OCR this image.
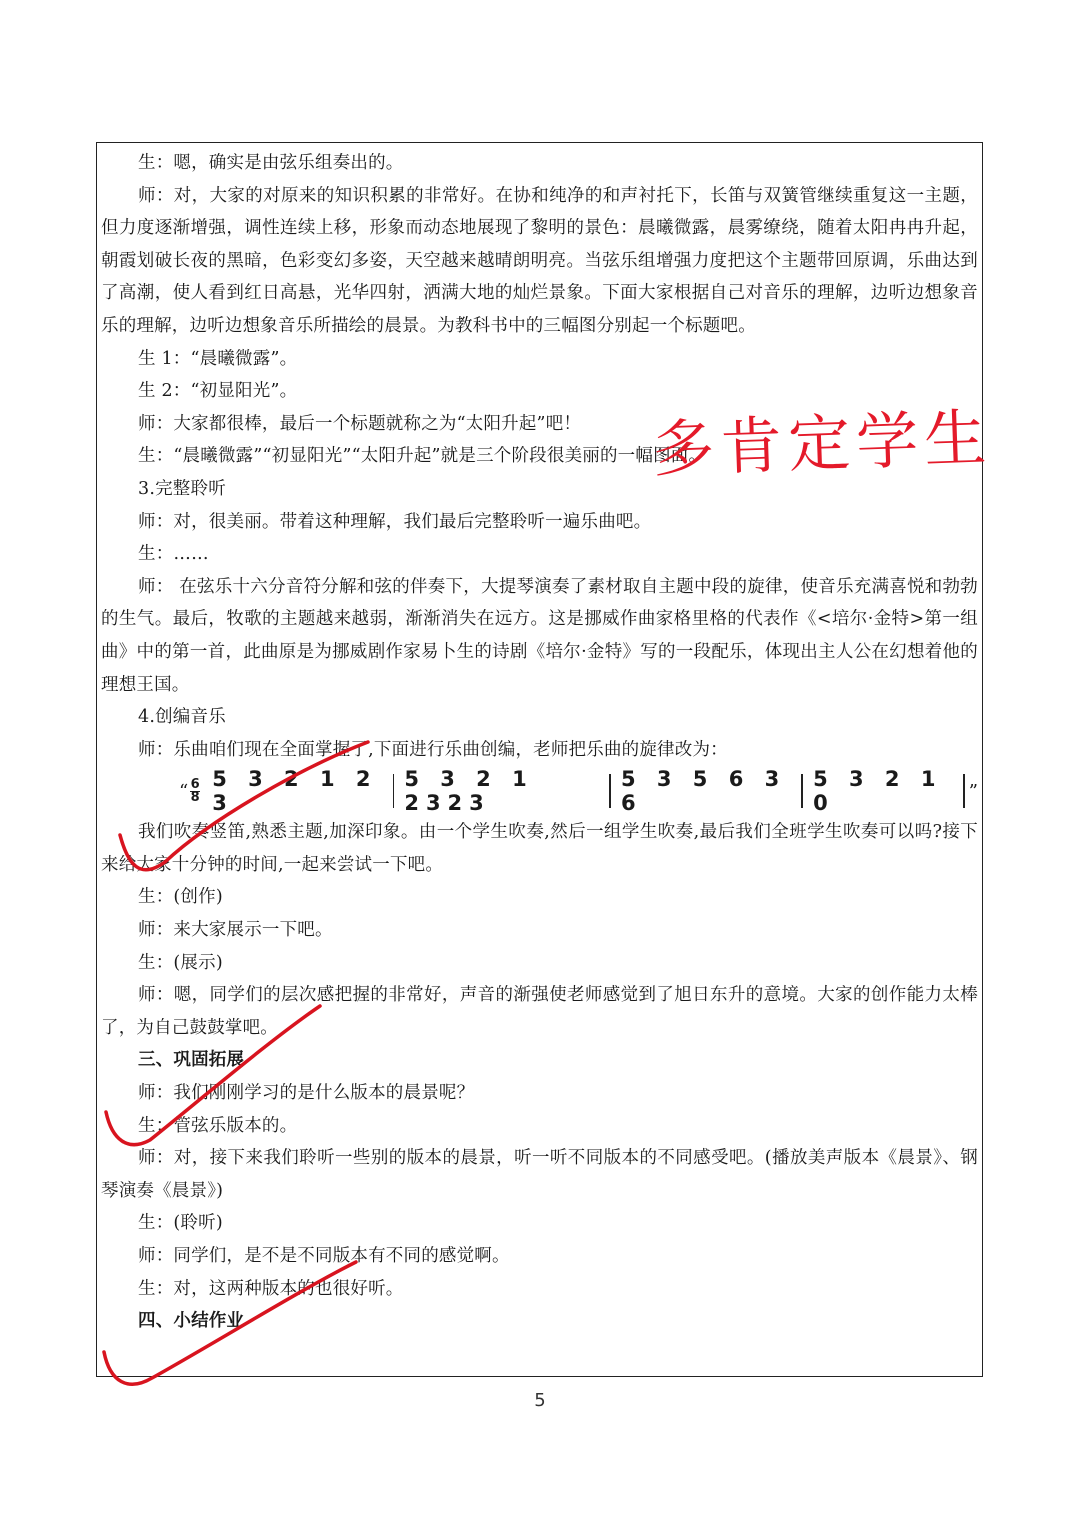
生：嗯，确实是由弦乐组奏出的。

师：对，大家的对原来的知识积累的非常好。在协和纯净的和声衬托下，长笛与双簧管继续重复这一主题，但力度逐渐增强，调性连续上移，形象而动态地展现了黎明的景色：晨曦微露，晨雾缭绕，随着太阳冉冉升起，朝霞划破长夜的黑暗，色彩变幻多姿，天空越来越晴朗明亮。当弦乐组增强力度把这个主题带回原调，乐曲达到了高潮，使人看到红日高悬，光华四射，洒满大地的灿烂景象。下面大家根据自己对音乐的理解，边听边想象音乐的理解，边听边想象音乐所描绘的晨景。为教科书中的三幅图分别起一个标题吧。

生 1：“晨曦微露”。

生 2：“初显阳光”。

师：大家都很棒，最后一个标题就称之为“太阳升起”吧！

生：“晨曦微露”“初显阳光”“太阳升起”就是三个阶段很美丽的一幅图面。

3.完整聆听

师：对，很美丽。带着这种理解，我们最后完整聆听一遍乐曲吧。

生：……

师： 在弦乐十六分音符分解和弦的伴奏下，大提琴演奏了素材取自主题中段的旋律，使音乐充满喜悦和勃勃的生气。最后，牧歌的主题越来越弱，渐渐消失在远方。这是挪威作曲家格里格的代表作《<培尔·金特>第一组曲》中的第一首，此曲原是为挪威剧作家易卜生的诗剧《培尔·金特》写的一段配乐，体现出主人公在幻想着他的理想王国。

4.创编音乐

师：乐曲咱们现在全面掌握了,下面进行乐曲创编，老师把乐曲的旋律改为：

“ 6
8
5 3 2 1 2 3
5 3 2 1 2323
5 3 5 6 3 6
5 3 2 1 0	”

我们吹奏竖笛,熟悉主题,加深印象。由一个学生吹奏,然后一组学生吹奏,最后我们全班学生吹奏可以吗?接下来给大家十分钟的时间,一起来尝试一下吧。

生：(创作)

师：来大家展示一下吧。

生：(展示)

师：嗯，同学们的层次感把握的非常好，声音的渐强使老师感觉到了旭日东升的意境。大家的创作能力太棒了，为自己鼓鼓掌吧。

三、巩固拓展

师：我们刚刚学习的是什么版本的晨景呢？

生：管弦乐版本的。

师：对，接下来我们聆听一些别的版本的晨景，听一听不同版本的不同感受吧。(播放美声版本《晨景》、钢琴演奏《晨景》)

生：(聆听)

师：同学们，是不是不同版本有不同的感觉啊。

生：对，这两种版本的也很好听。

四、小结作业

多肯定学生
5
